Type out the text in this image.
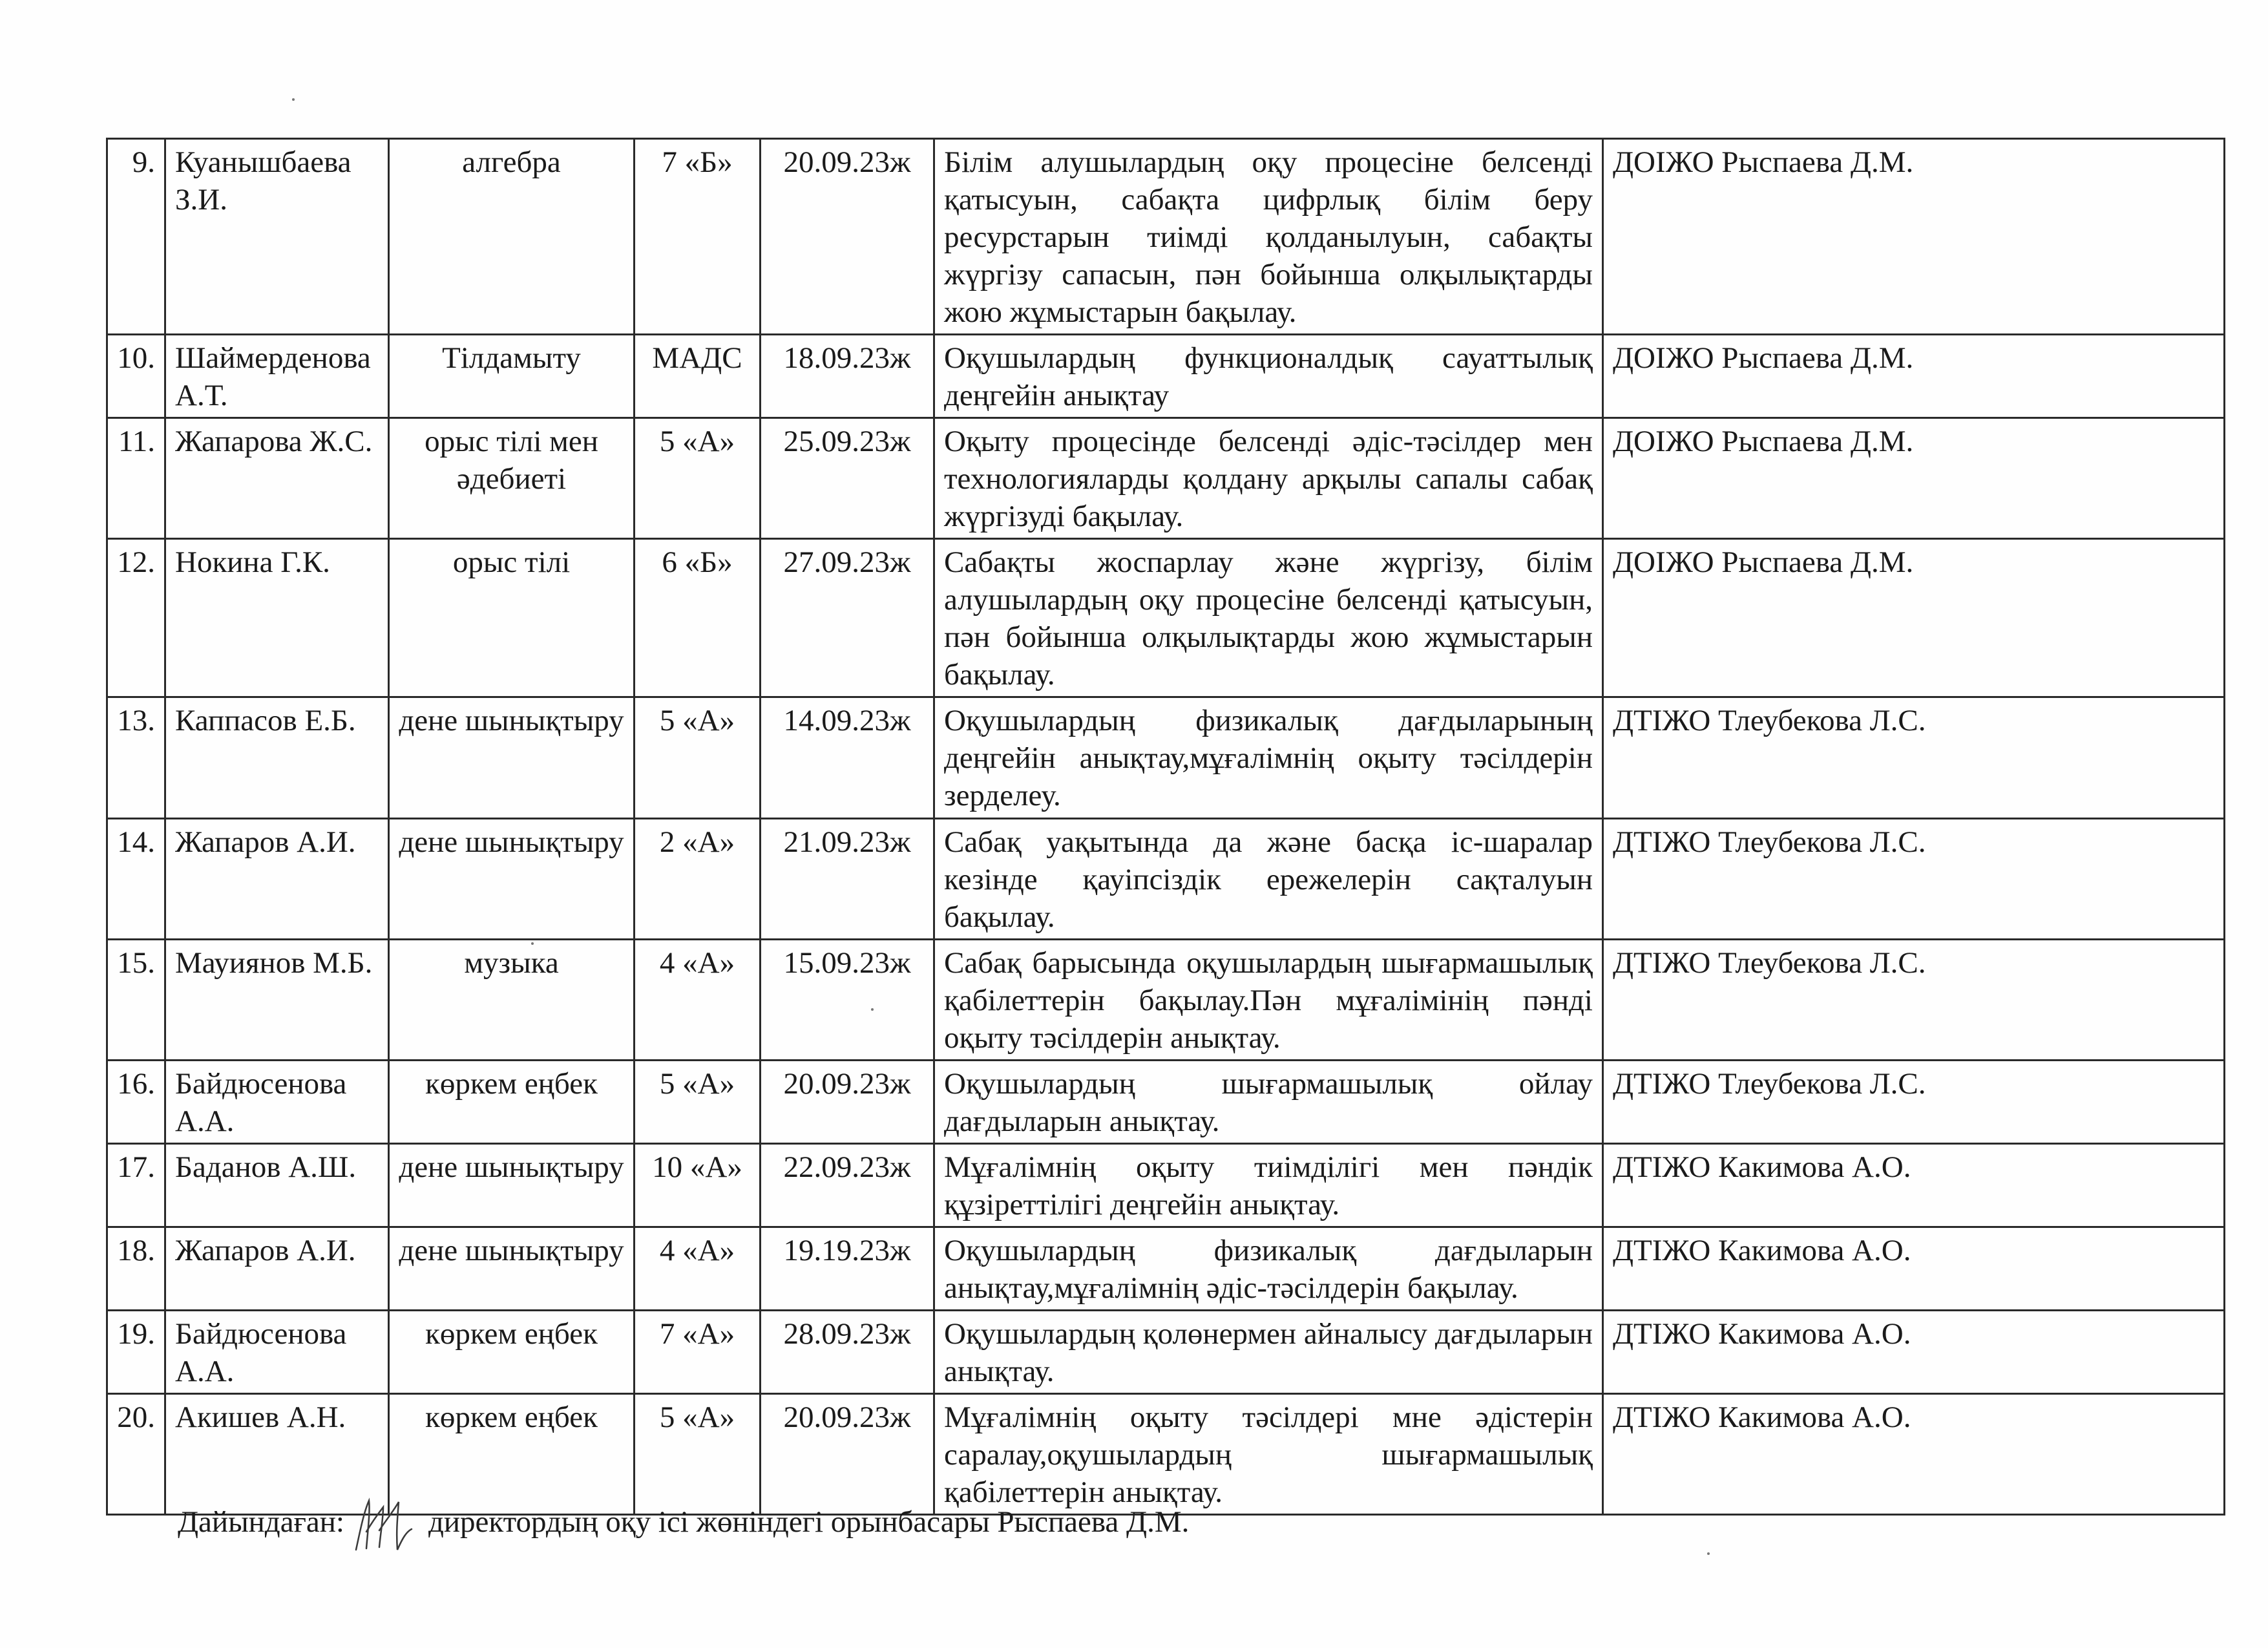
9.	Куанышбаева З.И.	алгебра	7 «Б»	20.09.23ж	Білім алушылардың оқу процесіне белсенді қатысуын, сабақта цифрлық білім беру ресурстарын тиімді қолданылуын, сабақты жүргізу сапасын, пән бойынша олқылықтарды жою жұмыстарын бақылау.	ДОІЖО Рыспаева Д.М.
10.	Шаймерденова А.Т.	Тілдамыту	МАДС	18.09.23ж	Оқушылардың функционалдық сауаттылық деңгейін анықтау	ДОІЖО Рыспаева Д.М.
11.	Жапарова Ж.С.	орыс тілі мен әдебиеті	5 «А»	25.09.23ж	Оқыту процесінде белсенді әдіс-тәсілдер мен технологияларды қолдану арқылы сапалы сабақ жүргізуді бақылау.	ДОІЖО Рыспаева Д.М.
12.	Нокина Г.К.	орыс тілі	6 «Б»	27.09.23ж	Сабақты жоспарлау және жүргізу, білім алушылардың оқу процесіне белсенді қатысуын, пән бойынша олқылықтарды жою жұмыстарын бақылау.	ДОІЖО Рыспаева Д.М.
13.	Каппасов Е.Б.	дене шынықтыру	5 «А»	14.09.23ж	Оқушылардың физикалық дағдыларының деңгейін анықтау,мұғалімнің оқыту тәсілдерін зерделеу.	ДТІЖО Тлеубекова Л.С.
14.	Жапаров А.И.	дене шынықтыру	2 «А»	21.09.23ж	Сабақ уақытында да және басқа іс-шаралар кезінде қауіпсіздік ережелерін сақталуын бақылау.	ДТІЖО Тлеубекова Л.С.
15.	Мауиянов М.Б.	музыка	4 «А»	15.09.23ж	Сабақ барысында оқушылардың шығармашылық қабілеттерін бақылау.Пән мұғалімінің пәнді оқыту тәсілдерін анықтау.	ДТІЖО Тлеубекова Л.С.
16.	Байдюсенова А.А.	көркем еңбек	5 «А»	20.09.23ж	Оқушылардың шығармашылық ойлау дағдыларын анықтау.	ДТІЖО Тлеубекова Л.С.
17.	Баданов А.Ш.	дене шынықтыру	10 «А»	22.09.23ж	Мұғалімнің оқыту тиімділігі мен пәндік құзіреттілігі деңгейін анықтау.	ДТІЖО Какимова А.О.
18.	Жапаров А.И.	дене шынықтыру	4 «А»	19.19.23ж	Оқушылардың физикалық дағдыларын анықтау,мұғалімнің әдіс-тәсілдерін бақылау.	ДТІЖО Какимова А.О.
19.	Байдюсенова А.А.	көркем еңбек	7 «А»	28.09.23ж	Оқушылардың қолөнермен айналысу дағдыларын анықтау.	ДТІЖО Какимова А.О.
20.	Акишев А.Н.	көркем еңбек	5 «А»	20.09.23ж	Мұғалімнің оқыту тәсілдері мне әдістерін саралау,оқушылардың шығармашылық қабілеттерін анықтау.	ДТІЖО Какимова А.О.
Дайындаған:	директордың оқу ісі жөніндегі орынбасары Рыспаева Д.М.
